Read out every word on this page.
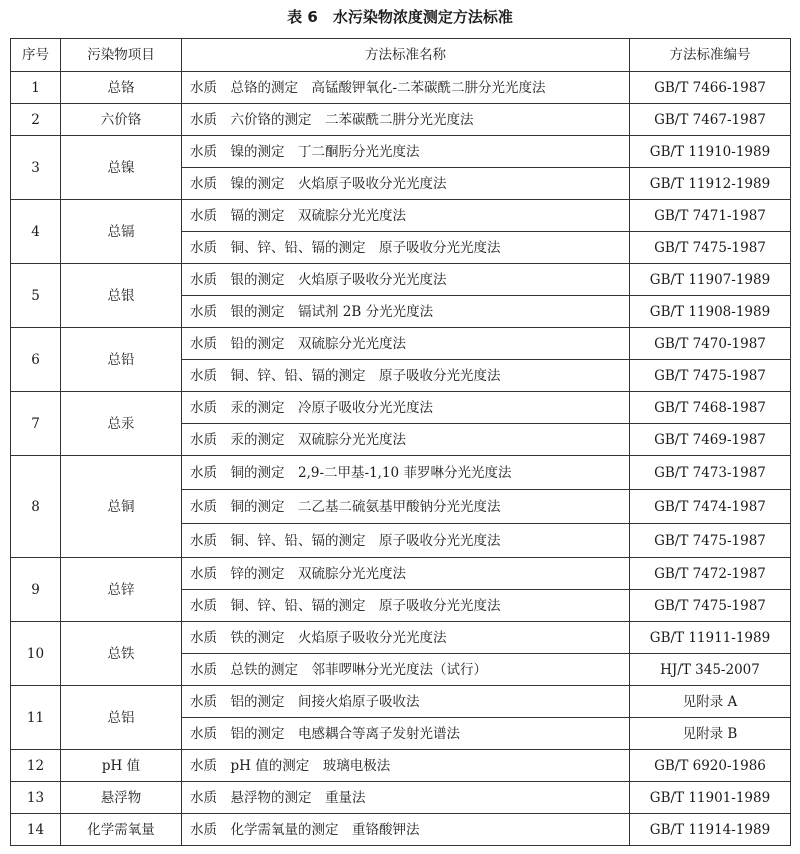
表 6　水污染物浓度测定方法标准
序号	污染物项目	方法标准名称	方法标准编号
1	总铬	水质　总铬的测定　高锰酸钾氧化-二苯碳酰二肼分光光度法	GB/T 7466-1987
2	六价铬	水质　六价铬的测定　二苯碳酰二肼分光光度法	GB/T 7467-1987
3	总镍	水质　镍的测定　丁二酮肟分光光度法	GB/T 11910-1989
		水质　镍的测定　火焰原子吸收分光光度法	GB/T 11912-1989
4	总镉	水质　镉的测定　双硫腙分光光度法	GB/T 7471-1987
		水质　铜、锌、铅、镉的测定　原子吸收分光光度法	GB/T 7475-1987
5	总银	水质　银的测定　火焰原子吸收分光光度法	GB/T 11907-1989
		水质　银的测定　镉试剂 2B 分光光度法	GB/T 11908-1989
6	总铅	水质　铅的测定　双硫腙分光光度法	GB/T 7470-1987
		水质　铜、锌、铅、镉的测定　原子吸收分光光度法	GB/T 7475-1987
7	总汞	水质　汞的测定　冷原子吸收分光光度法	GB/T 7468-1987
		水质　汞的测定　双硫腙分光光度法	GB/T 7469-1987
8	总铜	水质　铜的测定　2,9-二甲基-1,10 菲罗啉分光光度法	GB/T 7473-1987
		水质　铜的测定　二乙基二硫氨基甲酸钠分光光度法	GB/T 7474-1987
		水质　铜、锌、铅、镉的测定　原子吸收分光光度法	GB/T 7475-1987
9	总锌	水质　锌的测定　双硫腙分光光度法	GB/T 7472-1987
		水质　铜、锌、铅、镉的测定　原子吸收分光光度法	GB/T 7475-1987
10	总铁	水质　铁的测定　火焰原子吸收分光光度法	GB/T 11911-1989
		水质　总铁的测定　邻菲啰啉分光光度法（试行）	HJ/T 345-2007
11	总铝	水质　铝的测定　间接火焰原子吸收法	见附录 A
		水质　铝的测定　电感耦合等离子发射光谱法	见附录 B
12	pH 值	水质　pH 值的测定　玻璃电极法	GB/T 6920-1986
13	悬浮物	水质　悬浮物的测定　重量法	GB/T 11901-1989
14	化学需氧量	水质　化学需氧量的测定　重铬酸钾法	GB/T 11914-1989
